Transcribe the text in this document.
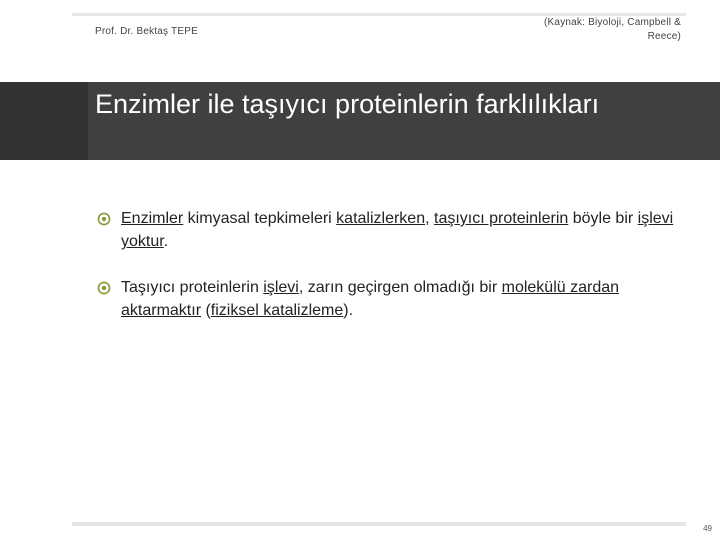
Prof. Dr. Bektaş TEPE
(Kaynak: Biyoloji, Campbell & Reece)
Enzimler ile taşıyıcı proteinlerin farklılıkları
Enzimler kimyasal tepkimeleri katalizlerken, taşıyıcı proteinlerin böyle bir işlevi yoktur.
Taşıyıcı proteinlerin işlevi, zarın geçirgen olmadığı bir molekülü zardan aktarmaktır (fiziksel katalizleme).
49
